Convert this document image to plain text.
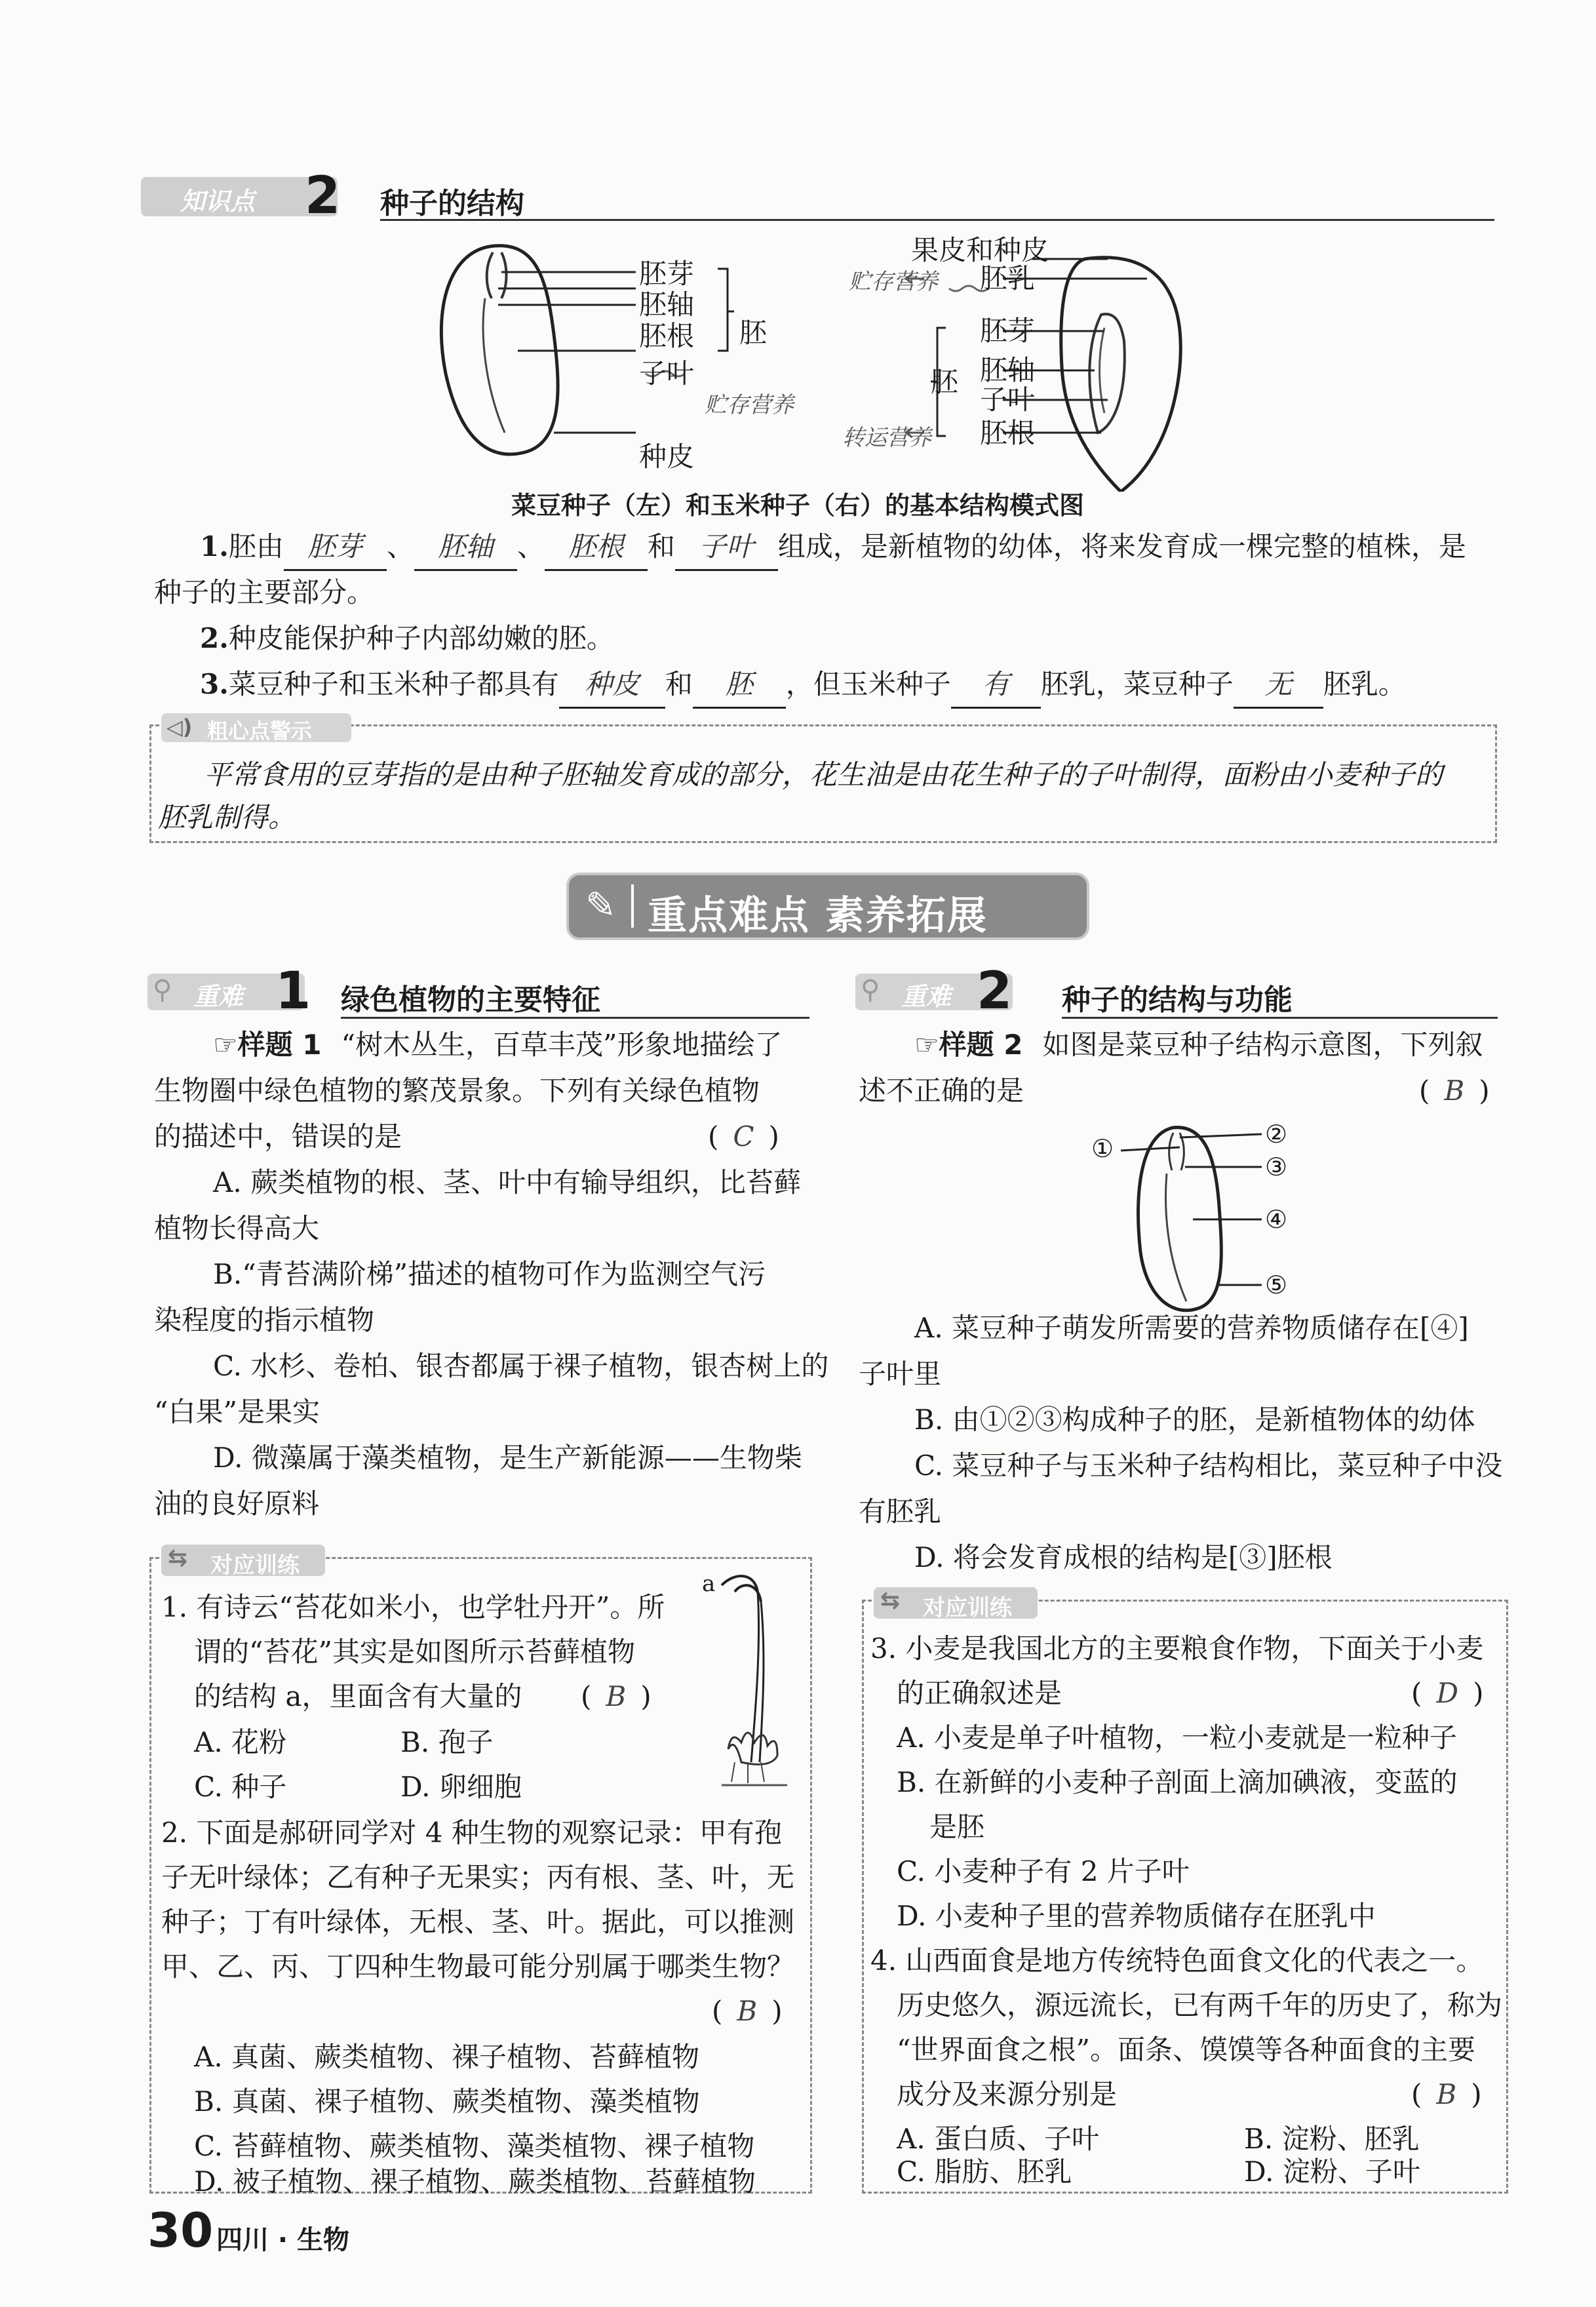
知识点 2 种子的结构
胚芽
胚轴
胚根
子叶
种皮
胚
贮存营养
果皮和种皮
胚乳
胚芽
胚轴
子叶
胚根
胚
贮存营养
转运营养
菜豆种子（左）和玉米种子（右）的基本结构模式图
1.胚由 胚芽 、 胚轴 、 胚根 和 子叶 组成，是新植物的幼体，将来发育成一棵完整的植株，是
种子的主要部分。
2.种皮能保护种子内部幼嫩的胚。
3.菜豆种子和玉米种子都具有 种皮 和 胚 ，但玉米种子 有 胚乳，菜豆种子 无 胚乳。
◁) 粗心点警示
平常食用的豆芽指的是由种子胚轴发育成的部分，花生油是由花生种子的子叶制得，面粉由小麦种子的
胚乳制得。
✎ 重点难点 素养拓展
⚲ 重难 1 绿色植物的主要特征
☞样题 1 “树木丛生，百草丰茂”形象地描绘了
生物圈中绿色植物的繁茂景象。下列有关绿色植物
的描述中，错误的是	( C )
A. 蕨类植物的根、茎、叶中有输导组织，比苔藓
植物长得高大
B.“青苔满阶梯”描述的植物可作为监测空气污
染程度的指示植物
C. 水杉、卷柏、银杏都属于裸子植物，银杏树上的
“白果”是果实
D. 微藻属于藻类植物，是生产新能源——生物柴
油的良好原料
⇆ 对应训练
1. 有诗云“苔花如米小，也学牡丹开”。所
谓的“苔花”其实是如图所示苔藓植物
的结构 a，里面含有大量的 ( B )
A. 花粉	B. 孢子
C. 种子	D. 卵细胞
a
2. 下面是郝研同学对 4 种生物的观察记录：甲有孢
子无叶绿体；乙有种子无果实；丙有根、茎、叶，无
种子；丁有叶绿体，无根、茎、叶。据此，可以推测
甲、乙、丙、丁四种生物最可能分别属于哪类生物？
( B )
A. 真菌、蕨类植物、裸子植物、苔藓植物
B. 真菌、裸子植物、蕨类植物、藻类植物
C. 苔藓植物、蕨类植物、藻类植物、裸子植物
D. 被子植物、裸子植物、蕨类植物、苔藓植物
⚲ 重难 2 种子的结构与功能
☞样题 2 如图是菜豆种子结构示意图，下列叙
述不正确的是	( B )
①	②
③
④
⑤
A. 菜豆种子萌发所需要的营养物质储存在[④]
子叶里
B. 由①②③构成种子的胚，是新植物体的幼体
C. 菜豆种子与玉米种子结构相比，菜豆种子中没
有胚乳
D. 将会发育成根的结构是[③]胚根
⇆ 对应训练
3. 小麦是我国北方的主要粮食作物，下面关于小麦
的正确叙述是	( D )
A. 小麦是单子叶植物，一粒小麦就是一粒种子
B. 在新鲜的小麦种子剖面上滴加碘液，变蓝的
是胚
C. 小麦种子有 2 片子叶
D. 小麦种子里的营养物质储存在胚乳中
4. 山西面食是地方传统特色面食文化的代表之一。
历史悠久，源远流长，已有两千年的历史了，称为
“世界面食之根”。面条、馍馍等各种面食的主要
成分及来源分别是	( B )
A. 蛋白质、子叶	B. 淀粉、胚乳
C. 脂肪、胚乳	D. 淀粉、子叶
30 四川 · 生物
